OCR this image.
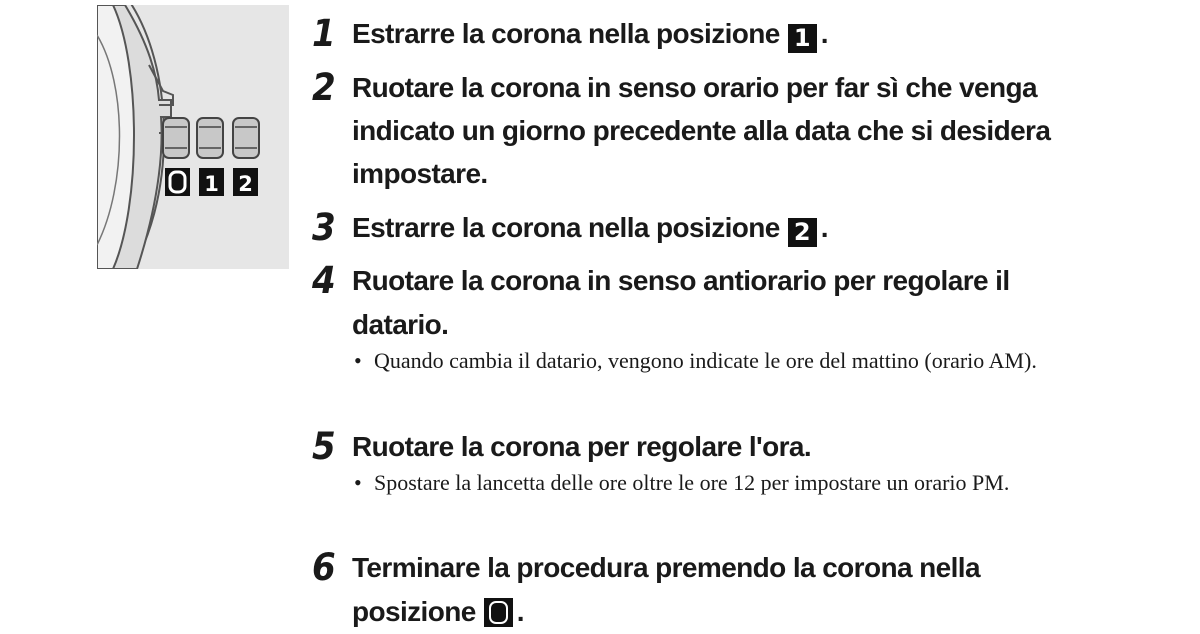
1 2
1 Estrarre la corona nella posizione 1 .
2 Ruotare la corona in senso orario per far sì che venga
indicato un giorno precedente alla data che si desidera
impostare.
3 Estrarre la corona nella posizione 2 .
4 Ruotare la corona in senso antiorario per regolare il
datario.
• Quando cambia il datario, vengono indicate le ore del mattino (orario AM).
5 Ruotare la corona per regolare l'ora.
• Spostare la lancetta delle ore oltre le ore 12 per impostare un orario PM.
6 Terminare la procedura premendo la corona nella
posizione .
